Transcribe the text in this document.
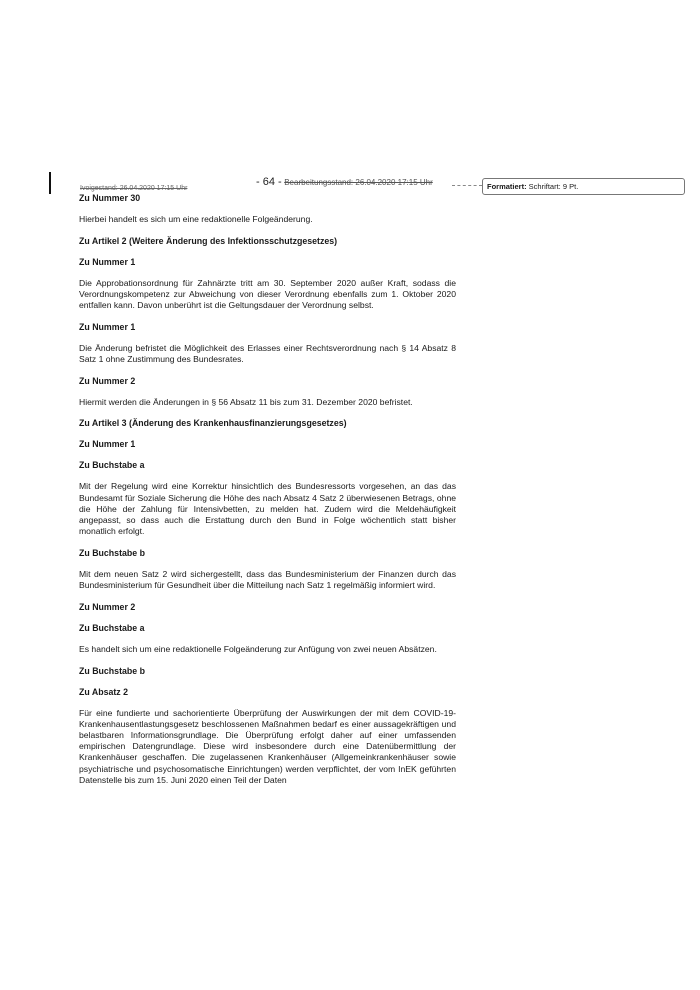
Ivoigestand: 26.04.2020 17:15 Uhr
- 64 - Bearbeitungsstand: 26.04.2020 17:15 Uhr	Formatiert: Schriftart: 9 Pt.
Zu Nummer 30

Hierbei handelt es sich um eine redaktionelle Folgeänderung.

Zu Artikel 2 (Weitere Änderung des Infektionsschutzgesetzes)
Zu Nummer 1

Die Approbationsordnung für Zahnärzte tritt am 30. September 2020 außer Kraft, sodass die Verordnungskompetenz zur Abweichung von dieser Verordnung ebenfalls zum 1. Oktober 2020 entfallen kann. Davon unberührt ist die Geltungsdauer der Verordnung selbst.

Zu Nummer 1

Die Änderung befristet die Möglichkeit des Erlasses einer Rechtsverordnung nach § 14 Absatz 8 Satz 1 ohne Zustimmung des Bundesrates.

Zu Nummer 2

Hiermit werden die Änderungen in § 56 Absatz 11 bis zum 31. Dezember 2020 befristet.

Zu Artikel 3 (Änderung des Krankenhausfinanzierungsgesetzes)
Zu Nummer 1
Zu Buchstabe a

Mit der Regelung wird eine Korrektur hinsichtlich des Bundesressorts vorgesehen, an das das Bundesamt für Soziale Sicherung die Höhe des nach Absatz 4 Satz 2 überwiesenen Betrags, ohne die Höhe der Zahlung für Intensivbetten, zu melden hat. Zudem wird die Meldehäufigkeit angepasst, so dass auch die Erstattung durch den Bund in Folge wöchentlich statt bisher monatlich erfolgt.

Zu Buchstabe b

Mit dem neuen Satz 2 wird sichergestellt, dass das Bundesministerium der Finanzen durch das Bundesministerium für Gesundheit über die Mitteilung nach Satz 1 regelmäßig informiert wird.

Zu Nummer 2
Zu Buchstabe a

Es handelt sich um eine redaktionelle Folgeänderung zur Anfügung von zwei neuen Absätzen.

Zu Buchstabe b
Zu Absatz 2

Für eine fundierte und sachorientierte Überprüfung der Auswirkungen der mit dem COVID-19-Krankenhausentlastungsgesetz beschlossenen Maßnahmen bedarf es einer aussagekräftigen und belastbaren Informationsgrundlage. Die Überprüfung erfolgt daher auf einer umfassenden empirischen Datengrundlage. Diese wird insbesondere durch eine Datenübermittlung der Krankenhäuser geschaffen. Die zugelassenen Krankenhäuser (Allgemeinkrankenhäuser sowie psychiatrische und psychosomatische Einrichtungen) werden verpflichtet, der vom InEK geführten Datenstelle bis zum 15. Juni 2020 einen Teil der Daten
